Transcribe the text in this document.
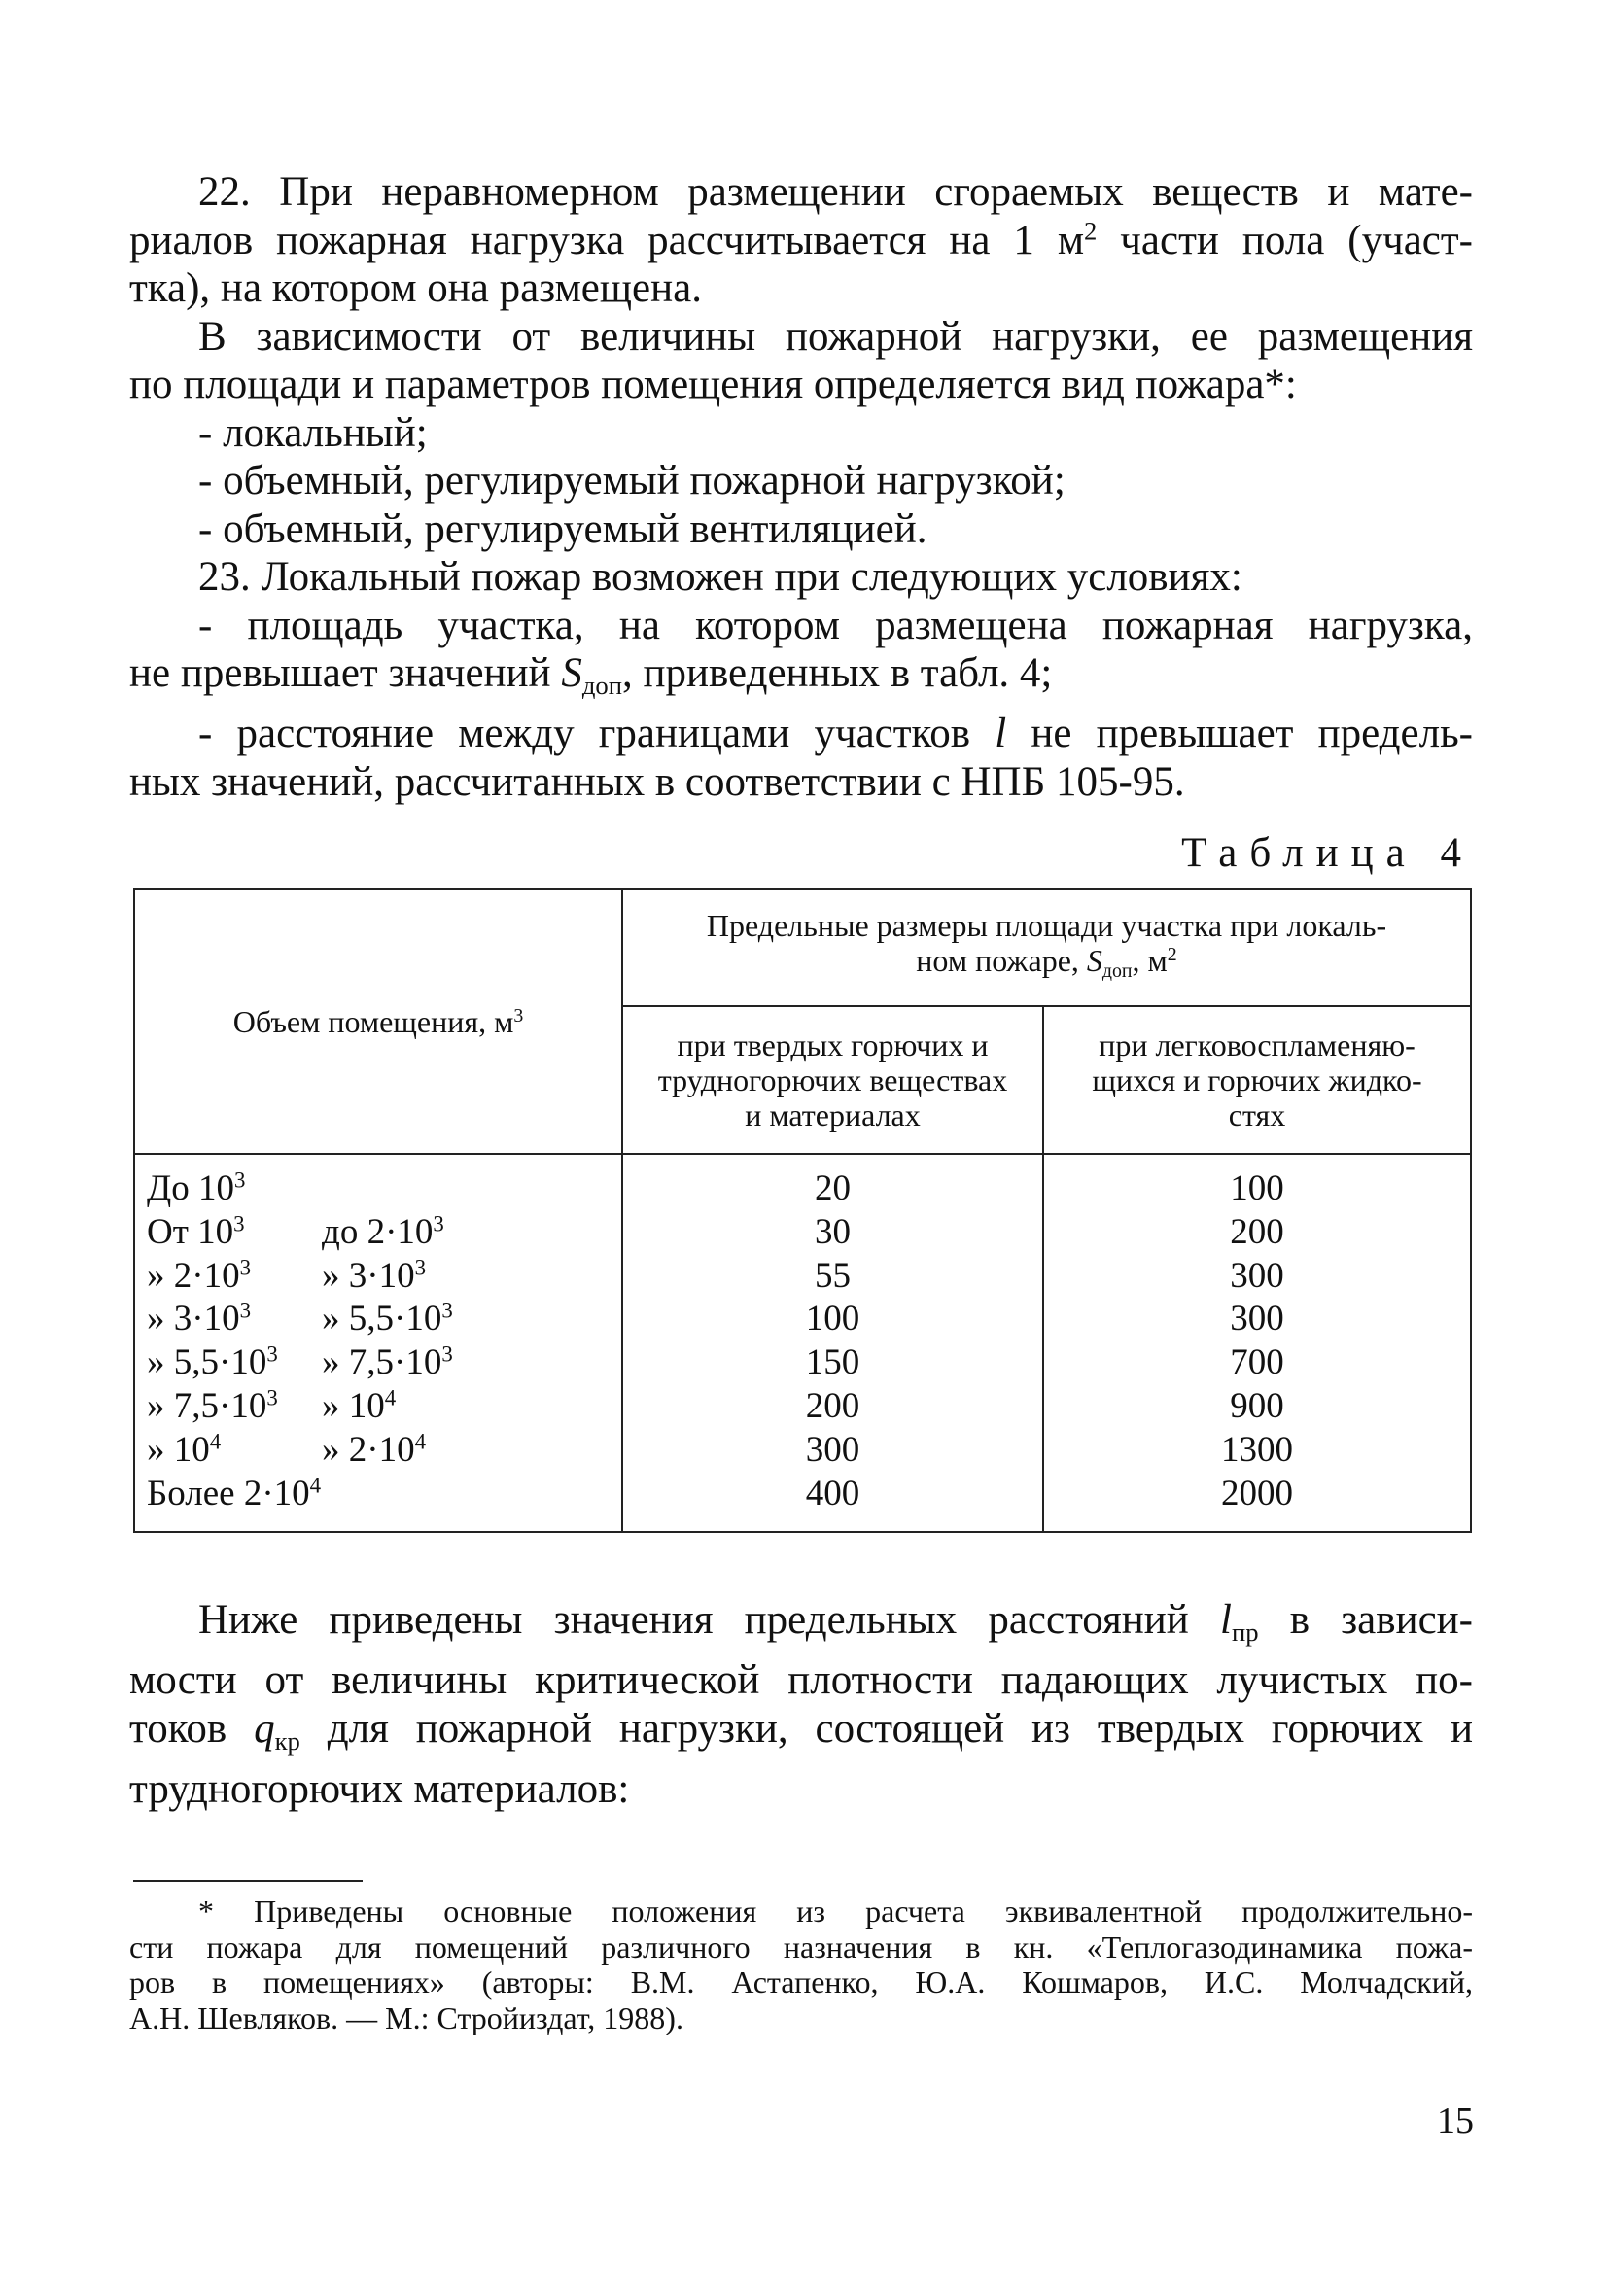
22. При неравномерном размещении сгораемых веществ и мате-

риалов пожарная нагрузка рассчитывается на 1 $м^2$ части пола (участ-

тка), на котором она размещена.

В зависимости от величины пожарной нагрузки, ее размещения

по площади и параметров помещения определяется вид пожара*:

- локальный;

- объемный, регулируемый пожарной нагрузкой;

- объемный, регулируемый вентиляцией.

23. Локальный пожар возможен при следующих условиях:

- площадь участка, на котором размещена пожарная нагрузка,

не превышает значений $S_{доп}$, приведенных в табл. 4;

- расстояние между границами участков l не превышает предель-

ных значений, рассчитанных в соответствии с НПБ 105-95.

Таблица 4
Объем помещения, $м^3$
Предельные размеры площади участка при локаль-
ном пожаре, $S_{доп}$, $м^2$
при твердых горючих и
трудногорючих веществах
и материалах
при легковоспламеняю-
щихся и горючих жидко-
стях
До $10^3$
От $10^3$ до $2\cdot 10^3$
» $2\cdot 10^3$ » $3\cdot 10^3$
» $3\cdot 10^3$ » $5,5\cdot 10^3$
» $5,5\cdot 10^3$ » $7,5\cdot 10^3$
» $7,5\cdot 10^3$ » $10^4$
» $10^4$	» $2\cdot 10^4$
Более $2\cdot 10^4$
20
30
55
100
150
200
300
400
100
200
300
300
700
900
1300
2000

Ниже приведены значения предельных расстояний $l_{пр}$ в зависи-

мости от величины критической плотности падающих лучистых по-

токов $q_{кр}$ для пожарной нагрузки, состоящей из твердых горючих и

трудногорючих материалов:

* Приведены основные положения из расчета эквивалентной продолжительно-

сти пожара для помещений различного назначения в кн. «Теплогазодинамика пожа-

ров в помещениях» (авторы: В.М. Астапенко, Ю.А. Кошмаров, И.С. Молчадский,

А.Н. Шевляков. — М.: Стройиздат, 1988).

15
